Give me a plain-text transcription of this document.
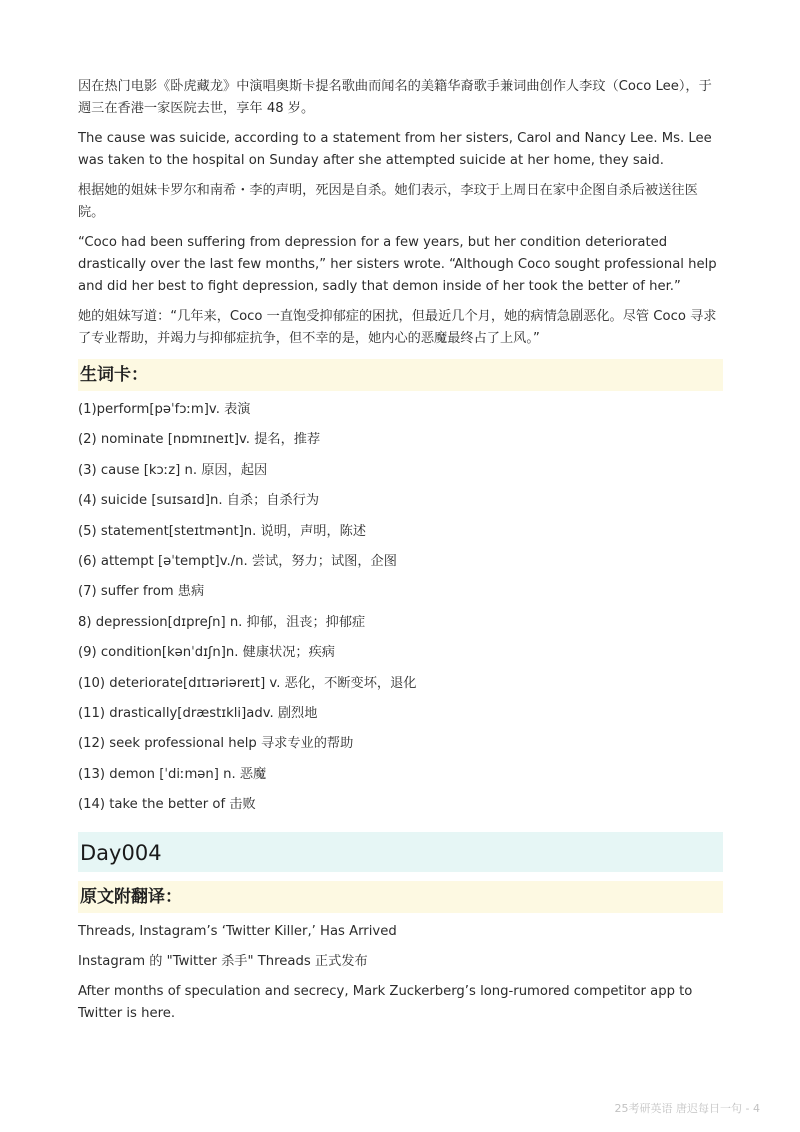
因在热门电影《卧虎藏龙》中演唱奥斯卡提名歌曲而闻名的美籍华裔歌手兼词曲创作人李玟（Coco Lee），于週三在香港一家医院去世，享年 48 岁。

The cause was suicide, according to a statement from her sisters, Carol and Nancy Lee. Ms. Lee was taken to the hospital on Sunday after she attempted suicide at her home, they said.

根据她的姐妹卡罗尔和南希・李的声明，死因是自杀。她们表示，李玟于上周日在家中企图自杀后被送往医院。

“Coco had been suffering from depression for a few years, but her condition deteriorated drastically over the last few months,” her sisters wrote. “Although Coco sought professional help and did her best to fight depression, sadly that demon inside of her took the better of her.”

她的姐妹写道：“几年来，Coco 一直饱受抑郁症的困扰，但最近几个月，她的病情急剧恶化。尽管 Coco 寻求了专业帮助，并竭力与抑郁症抗争，但不幸的是，她内心的恶魔最终占了上风。”

生词卡：
(1)perform[pəˈfɔːm]v. 表演
(2) nominate [nɒmɪneɪt]v. 提名，推荐
(3) cause [kɔːz] n. 原因，起因
(4) suicide [suɪsaɪd]n. 自杀；自杀行为
(5) statement[steɪtmənt]n. 说明，声明，陈述
(6) attempt [əˈtempt]v./n. 尝试，努力；试图，企图
(7) suffer from 患病
8) depression[dɪpreʃn] n. 抑郁，沮丧；抑郁症
(9) condition[kənˈdɪʃn]n. 健康状况；疾病
(10) deteriorate[dɪtɪəriəreɪt] v. 恶化，不断变坏，退化
(11) drastically[dræstɪkli]adv. 剧烈地
(12) seek professional help 寻求专业的帮助
(13) demon [ˈdiːmən] n. 恶魔
(14) take the better of 击败
Day004
原文附翻译：

Threads, Instagram’s ‘Twitter Killer,’ Has Arrived

Instagram 的 "Twitter 杀手" Threads 正式发布

After months of speculation and secrecy, Mark Zuckerberg’s long-rumored competitor app to Twitter is here.

25考研英语 唐迟每日一句 - 4
